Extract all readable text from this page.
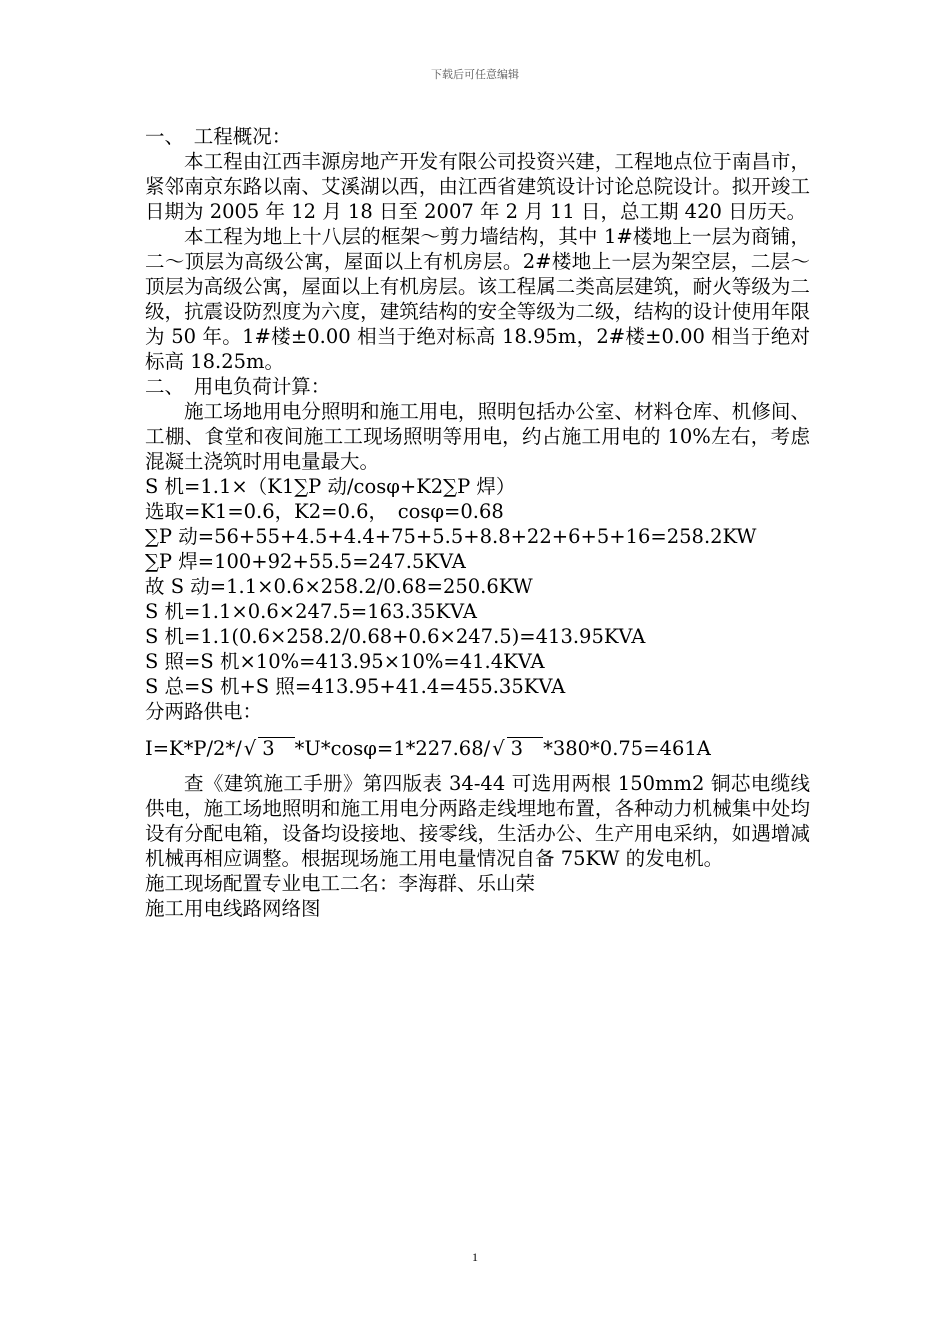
下载后可任意编辑

一、　工程概况：

本工程由江西丰源房地产开发有限公司投资兴建，工程地点位于南昌市，紧邻南京东路以南、艾溪湖以西，由江西省建筑设计讨论总院设计。拟开竣工日期为 2005 年 12 月 18 日至 2007 年 2 月 11 日，总工期 420 日历天。

本工程为地上十八层的框架～剪力墙结构，其中 1#楼地上一层为商铺，二～顶层为高级公寓，屋面以上有机房层。2#楼地上一层为架空层，二层～顶层为高级公寓，屋面以上有机房层。该工程属二类高层建筑，耐火等级为二级，抗震设防烈度为六度，建筑结构的安全等级为二级，结构的设计使用年限为 50 年。1#楼±0.00 相当于绝对标高 18.95m，2#楼±0.00 相当于绝对标高 18.25m。

二、　用电负荷计算：

施工场地用电分照明和施工用电，照明包括办公室、材料仓库、机修间、工棚、食堂和夜间施工工现场照明等用电，约占施工用电的 10%左右，考虑混凝土浇筑时用电量最大。

S 机=1.1×（K1∑P 动/cosφ+K2∑P 焊）

选取=K1=0.6，K2=0.6，　cosφ=0.68

∑P 动=56+55+4.5+4.4+75+5.5+8.8+22+6+5+16=258.2KW

∑P 焊=100+92+55.5=247.5KVA

故 S 动=1.1×0.6×258.2/0.68=250.6KW

S 机=1.1×0.6×247.5=163.35KVA

S 机=1.1(0.6×258.2/0.68+0.6×247.5)=413.95KVA

S 照=S 机×10%=413.95×10%=41.4KVA

S 总=S 机+S 照=413.95+41.4=455.35KVA

分两路供电：

I=K*P/2*/ √ 3 *U*cosφ=1*227.68/ √ 3 *380*0.75=461A

查《建筑施工手册》第四版表 34-44 可选用两根 150mm2 铜芯电缆线供电，施工场地照明和施工用电分两路走线埋地布置，各种动力机械集中处均设有分配电箱，设备均设接地、接零线，生活办公、生产用电采纳，如遇增减机械再相应调整。根据现场施工用电量情况自备 75KW 的发电机。

施工现场配置专业电工二名：李海群、乐山荣

施工用电线路网络图

1
